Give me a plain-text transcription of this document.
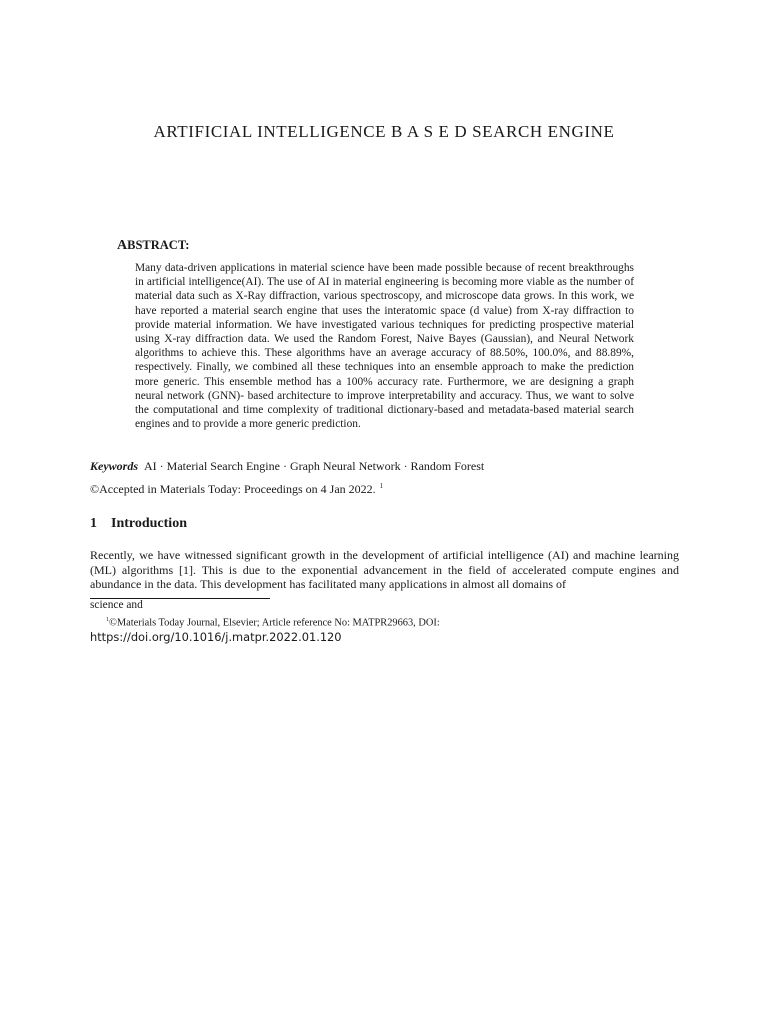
ARTIFICIAL INTELLIGENCE B A S E D SEARCH ENGINE
ABSTRACT:

Many data-driven applications in material science have been made possible because of recent breakthroughs in artificial intelligence(AI). The use of AI in material engineering is becoming more viable as the number of material data such as X-Ray diffraction, various spectroscopy, and microscope data grows. In this work, we have reported a material search engine that uses the interatomic space (d value) from X-ray diffraction to provide material information. We have investigated various techniques for predicting prospective material using X-ray diffraction data. We used the Random Forest, Naive Bayes (Gaussian), and Neural Network algorithms to achieve this. These algorithms have an average accuracy of 88.50%, 100.0%, and 88.89%, respectively. Finally, we combined all these techniques into an ensemble approach to make the prediction more generic. This ensemble method has a 100% accuracy rate. Furthermore, we are designing a graph neural network (GNN)- based architecture to improve interpretability and accuracy. Thus, we want to solve the computational and time complexity of traditional dictionary-based and metadata-based material search engines and to provide a more generic prediction.

Keywords AI · Material Search Engine · Graph Neural Network · Random Forest

©Accepted in Materials Today: Proceedings on 4 Jan 2022. $^1$

1 Introduction

Recently, we have witnessed significant growth in the development of artificial intelligence (AI) and machine learning (ML) algorithms [1]. This is due to the exponential advancement in the field of accelerated compute engines and abundance in the data. This development has facilitated many applications in almost all domains of

science and

$^1$©Materials Today Journal, Elsevier; Article reference No: MATPR29663, DOI: https://doi.org/10.1016/j.matpr.2022.01.120
